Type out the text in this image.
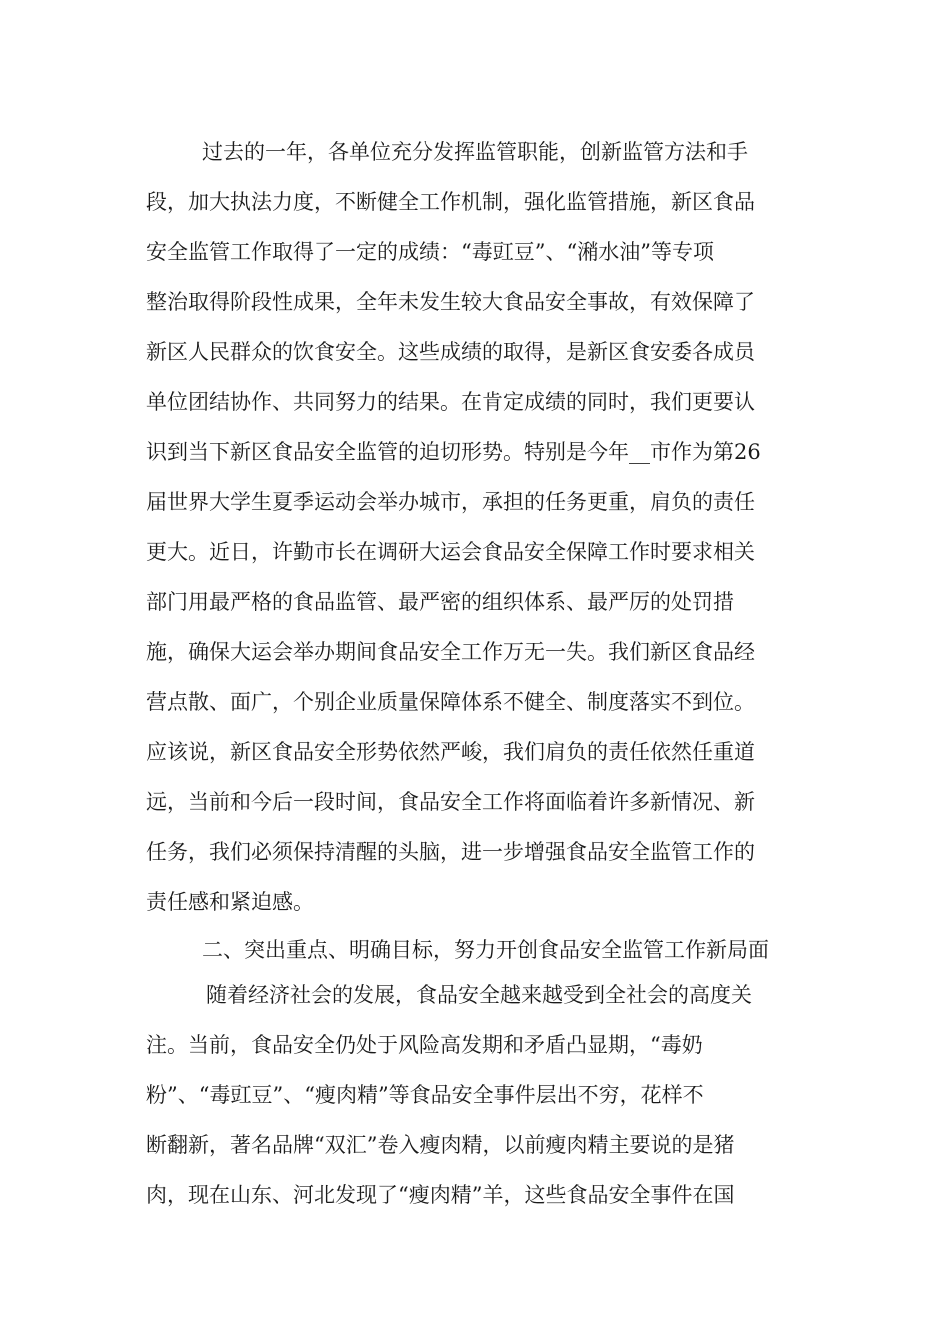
过去的一年，各单位充分发挥监管职能，创新监管方法和手
段，加大执法力度，不断健全工作机制，强化监管措施，新区食品
安全监管工作取得了一定的成绩：“毒豇豆”、“潲水油”等专项
整治取得阶段性成果，全年未发生较大食品安全事故，有效保障了
新区人民群众的饮食安全。这些成绩的取得，是新区食安委各成员
单位团结协作、共同努力的结果。在肯定成绩的同时，我们更要认
识到当下新区食品安全监管的迫切形势。特别是今年__市作为第26
届世界大学生夏季运动会举办城市，承担的任务更重，肩负的责任
更大。近日，许勤市长在调研大运会食品安全保障工作时要求相关
部门用最严格的食品监管、最严密的组织体系、最严厉的处罚措
施，确保大运会举办期间食品安全工作万无一失。我们新区食品经
营点散、面广，个别企业质量保障体系不健全、制度落实不到位。
应该说，新区食品安全形势依然严峻，我们肩负的责任依然任重道
远，当前和今后一段时间，食品安全工作将面临着许多新情况、新
任务，我们必须保持清醒的头脑，进一步增强食品安全监管工作的
责任感和紧迫感。
二、突出重点、明确目标，努力开创食品安全监管工作新局面
随着经济社会的发展，食品安全越来越受到全社会的高度关
注。当前，食品安全仍处于风险高发期和矛盾凸显期，“毒奶
粉”、“毒豇豆”、“瘦肉精”等食品安全事件层出不穷，花样不
断翻新，著名品牌“双汇”卷入瘦肉精，以前瘦肉精主要说的是猪
肉，现在山东、河北发现了“瘦肉精”羊，这些食品安全事件在国
